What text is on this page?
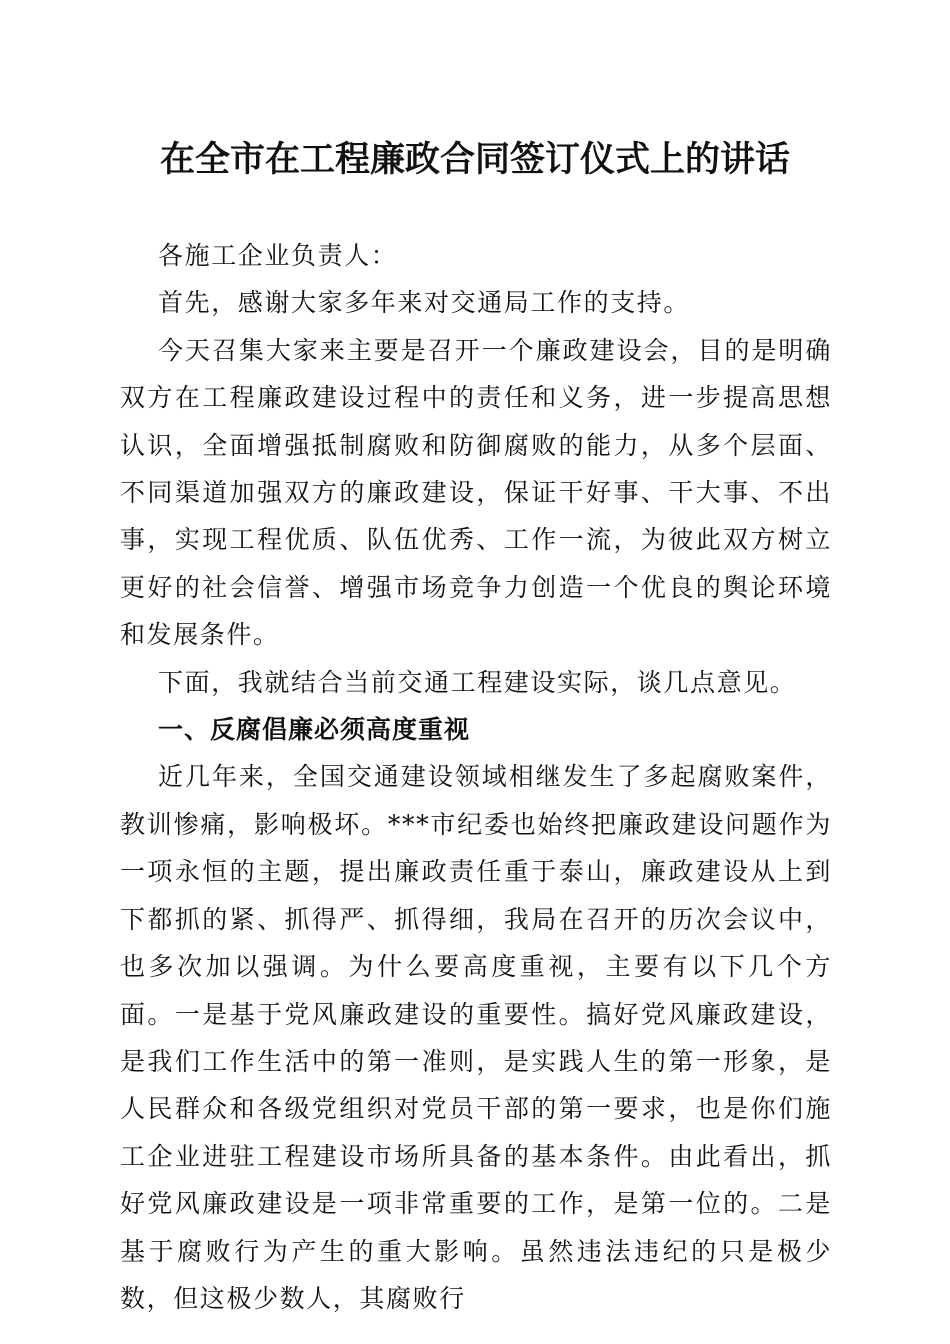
在全市在工程廉政合同签订仪式上的讲话

各施工企业负责人：

首先，感谢大家多年来对交通局工作的支持。

今天召集大家来主要是召开一个廉政建设会，目的是明确双方在工程廉政建设过程中的责任和义务，进一步提高思想认识，全面增强抵制腐败和防御腐败的能力，从多个层面、不同渠道加强双方的廉政建设，保证干好事、干大事、不出事，实现工程优质、队伍优秀、工作一流，为彼此双方树立更好的社会信誉、增强市场竞争力创造一个优良的舆论环境和发展条件。

下面，我就结合当前交通工程建设实际，谈几点意见。

一、反腐倡廉必须高度重视

近几年来，全国交通建设领域相继发生了多起腐败案件，教训惨痛，影响极坏。***市纪委也始终把廉政建设问题作为一项永恒的主题，提出廉政责任重于泰山，廉政建设从上到下都抓的紧、抓得严、抓得细，我局在召开的历次会议中，也多次加以强调。为什么要高度重视，主要有以下几个方面。一是基于党风廉政建设的重要性。搞好党风廉政建设，是我们工作生活中的第一准则，是实践人生的第一形象，是人民群众和各级党组织对党员干部的第一要求，也是你们施工企业进驻工程建设市场所具备的基本条件。由此看出，抓好党风廉政建设是一项非常重要的工作，是第一位的。二是基于腐败行为产生的重大影响。虽然违法违纪的只是极少数，但这极少数人，其腐败行
